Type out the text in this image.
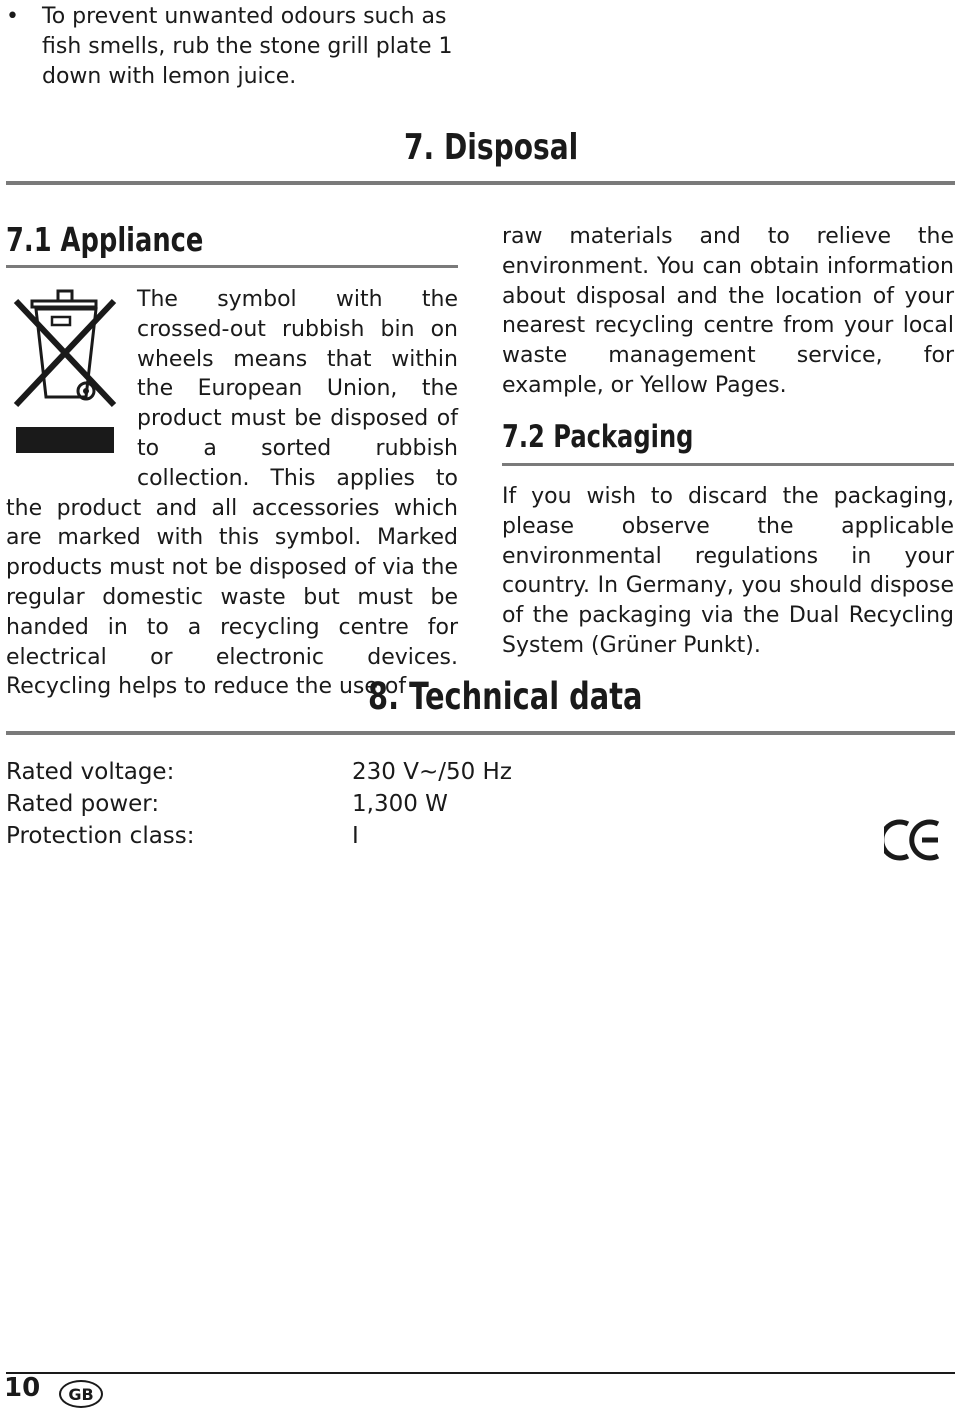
• To prevent unwanted odours such as fish smells, rub the stone grill plate 1 down with lemon juice.
7. Disposal
7.1 Appliance
The symbol with the crossed-out rubbish bin on wheels means that within the European Union, the product must be disposed of to a sorted rubbish collection. This applies to the product and all accessories which are marked with this symbol. Marked products must not be disposed of via the regular domestic waste but must be handed in to a recycling centre for electrical or electronic devices. Recycling helps to reduce the use of
raw materials and to relieve the environment. You can obtain information about disposal and the location of your nearest recycling centre from your local waste management service, for example, or Yellow Pages.
7.2 Packaging
If you wish to discard the packaging, please observe the applicable environmental regulations in your country. In Germany, you should dispose of the packaging via the Dual Recycling System (Grüner Punkt).
8. Technical data
Rated voltage:	230 V~/50 Hz
Rated power:	1,300 W
Protection class:	I
10	GB
